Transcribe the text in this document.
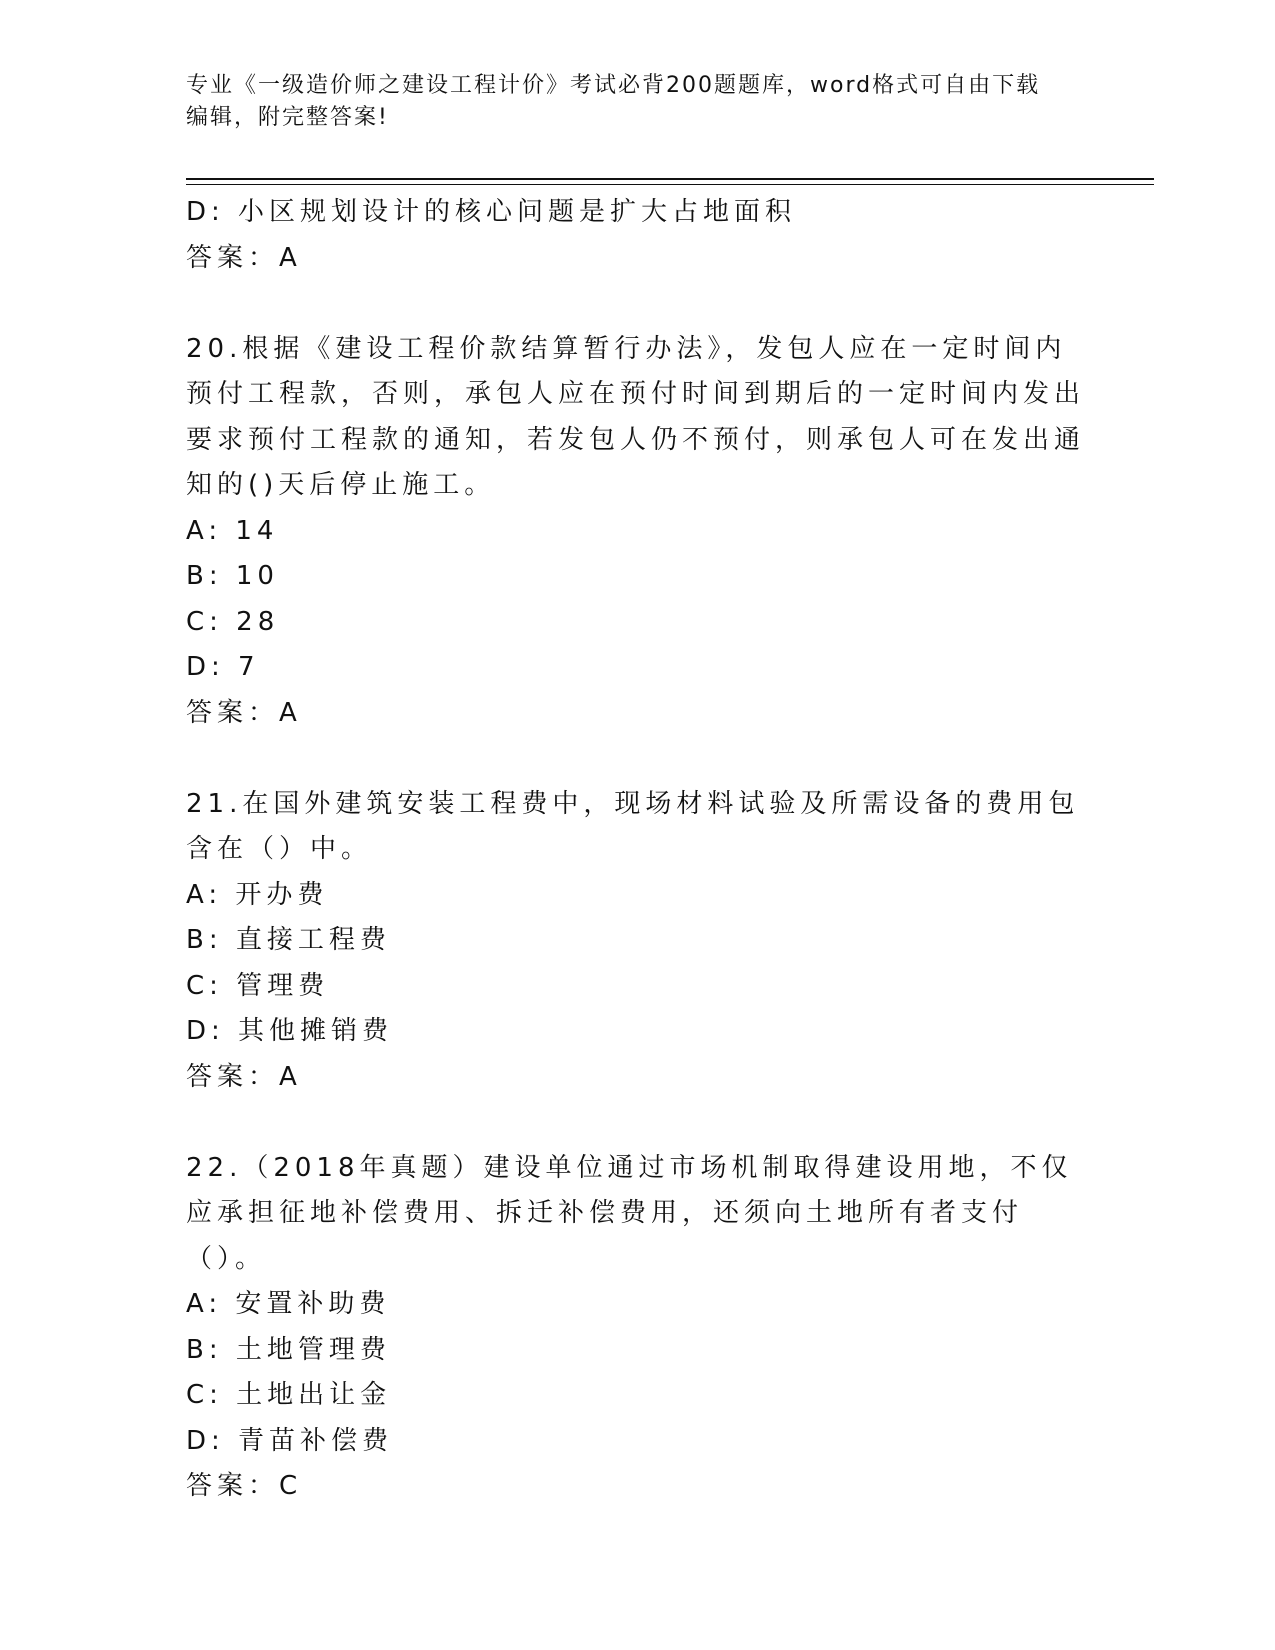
专业《一级造价师之建设工程计价》考试必背200题题库，word格式可自由下载
编辑，附完整答案!
D: 小区规划设计的核心问题是扩大占地面积
答案：A
20.根据《建设工程价款结算暂行办法》，发包人应在一定时间内预付工程款，否则，承包人应在预付时间到期后的一定时间内发出要求预付工程款的通知，若发包人仍不预付，则承包人可在发出通知的()天后停止施工。
A: 14
B: 10
C: 28
D: 7
答案：A
21.在国外建筑安装工程费中，现场材料试验及所需设备的费用包含在（）中。
A: 开办费
B: 直接工程费
C: 管理费
D: 其他摊销费
答案：A
22.（2018年真题）建设单位通过市场机制取得建设用地，不仅应承担征地补偿费用、拆迁补偿费用，还须向土地所有者支付（）。
A: 安置补助费
B: 土地管理费
C: 土地出让金
D: 青苗补偿费
答案：C
